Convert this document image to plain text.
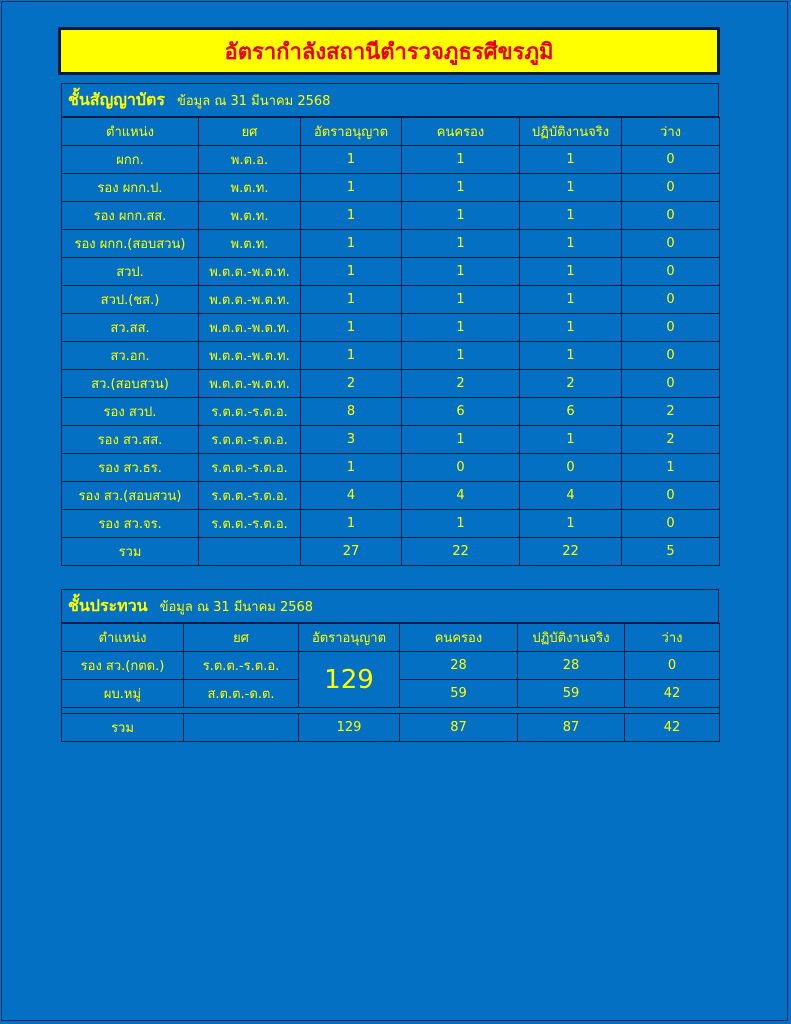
อัตรากำลังสถานีตำรวจภูธรศีขรภูมิ
ชั้นสัญญาบัตร ข้อมูล ณ 31 มีนาคม 2568
ตำแหน่ง	ยศ	อัตราอนุญาต	คนครอง	ปฏิบัติงานจริง	ว่าง
ผกก.	พ.ต.อ.	1	1	1	0
รอง ผกก.ป.	พ.ต.ท.	1	1	1	0
รอง ผกก.สส.	พ.ต.ท.	1	1	1	0
รอง ผกก.(สอบสวน)	พ.ต.ท.	1	1	1	0
สวป.	พ.ต.ต.-พ.ต.ท.	1	1	1	0
สวป.(ชส.)	พ.ต.ต.-พ.ต.ท.	1	1	1	0
สว.สส.	พ.ต.ต.-พ.ต.ท.	1	1	1	0
สว.อก.	พ.ต.ต.-พ.ต.ท.	1	1	1	0
สว.(สอบสวน)	พ.ต.ต.-พ.ต.ท.	2	2	2	0
รอง สวป.	ร.ต.ต.-ร.ต.อ.	8	6	6	2
รอง สว.สส.	ร.ต.ต.-ร.ต.อ.	3	1	1	2
รอง สว.ธร.	ร.ต.ต.-ร.ต.อ.	1	0	0	1
รอง สว.(สอบสวน)	ร.ต.ต.-ร.ต.อ.	4	4	4	0
รอง สว.จร.	ร.ต.ต.-ร.ต.อ.	1	1	1	0
รวม		27	22	22	5
ชั้นประทวน ข้อมูล ณ 31 มีนาคม 2568
ตำแหน่ง	ยศ	อัตราอนุญาต	คนครอง	ปฏิบัติงานจริง	ว่าง
รอง สว.(กตด.)	ร.ต.ต.-ร.ต.อ.	129	28	28	0
ผบ.หมู่	ส.ต.ต.-ด.ต.		59	59	42

รวม		129	87	87	42
